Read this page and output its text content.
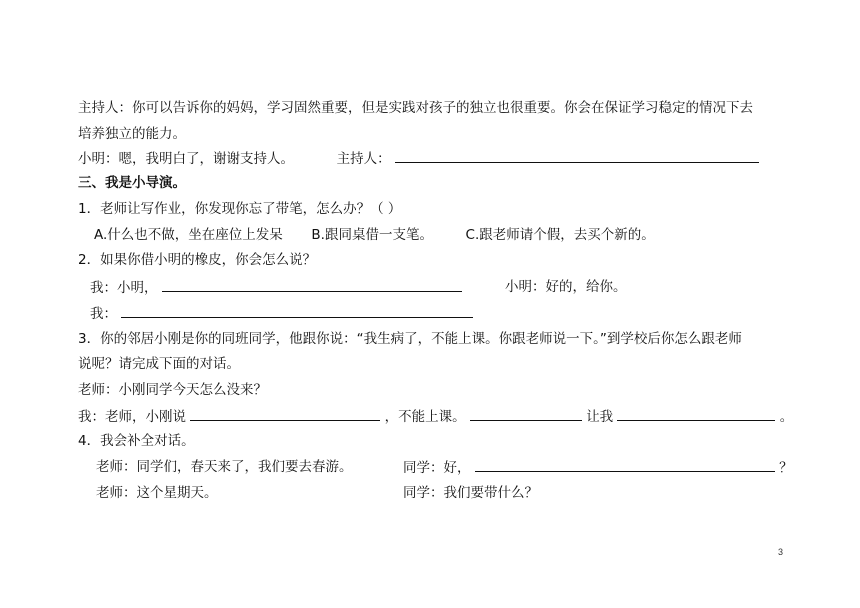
主持人：你可以告诉你的妈妈，学习固然重要，但是实践对孩子的独立也很重要。你会在保证学习稳定的情况下去
培养独立的能力。
小明：嗯，我明白了，谢谢支持人。	主持人：
三、我是小导演。
1．老师让写作业，你发现你忘了带笔，怎么办？（ ）
A.什么也不做，坐在座位上发呆 B.跟同桌借一支笔。 C.跟老师请个假，去买个新的。
2．如果你借小明的橡皮，你会怎么说？
我：小明，	小明：好的，给你。
我：
3．你的邻居小刚是你的同班同学，他跟你说：“我生病了，不能上课。你跟老师说一下。”到学校后你怎么跟老师
说呢？请完成下面的对话。
老师：小刚同学今天怎么没来？
我：老师，小刚说	，不能上课。	让我	。
4．我会补全对话。
老师：同学们，春天来了，我们要去春游。	同学：好，	？
老师：这个星期天。	同学：我们要带什么？
3
